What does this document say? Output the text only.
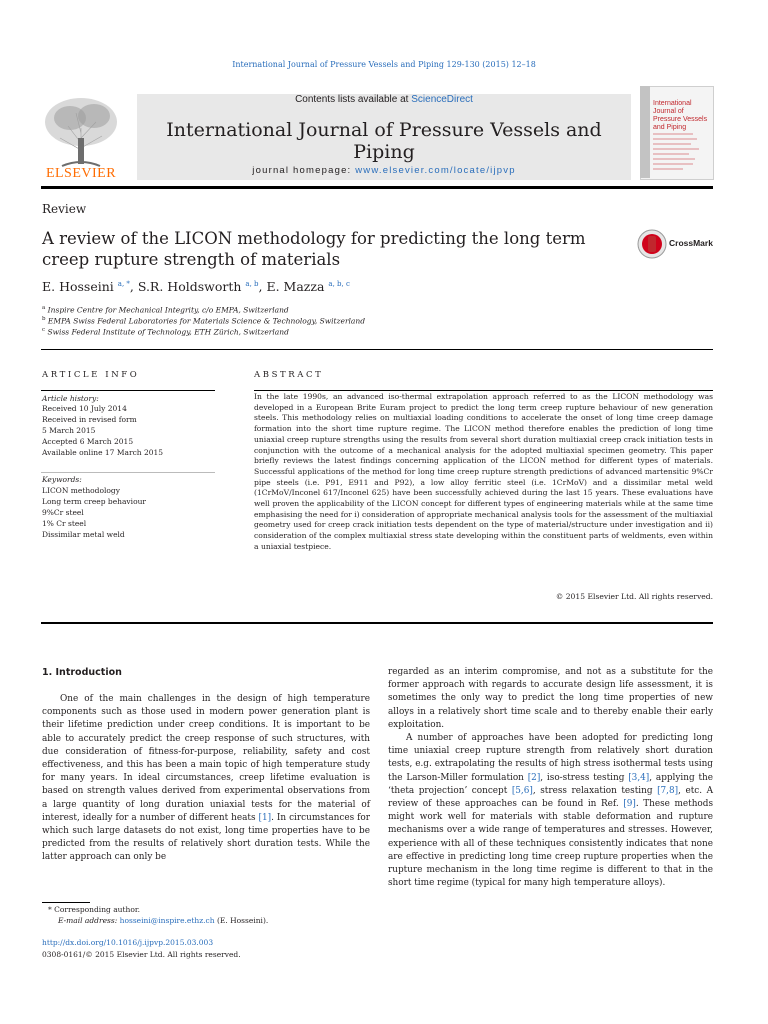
International Journal of Pressure Vessels and Piping 129-130 (2015) 12–18
ELSEVIER
Contents lists available at ScienceDirect
International Journal of Pressure Vessels and Piping
journal homepage: www.elsevier.com/locate/ijpvp
International Journal of Pressure Vessels and Piping
Review
A review of the LICON methodology for predicting the long term creep rupture strength of materials
CrossMark
E. Hosseini $^{a, *}$, S.R. Holdsworth $^{a, b}$, E. Mazza $^{a, b, c}$
$^a$ Inspire Centre for Mechanical Integrity, c/o EMPA, Switzerland
$^b$ EMPA Swiss Federal Laboratories for Materials Science & Technology, Switzerland
$^c$ Swiss Federal Institute of Technology, ETH Zürich, Switzerland
ARTICLE INFO
Article history:
Received 10 July 2014
Received in revised form
5 March 2015
Accepted 6 March 2015
Available online 17 March 2015
Keywords:
LICON methodology
Long term creep behaviour
9%Cr steel
1% Cr steel
Dissimilar metal weld
ABSTRACT
In the late 1990s, an advanced iso-thermal extrapolation approach referred to as the LICON methodology was developed in a European Brite Euram project to predict the long term creep rupture behaviour of new generation steels. This methodology relies on multiaxial loading conditions to accelerate the onset of long time creep damage formation into the short time rupture regime. The LICON method therefore enables the prediction of long time uniaxial creep rupture strengths using the results from several short duration multiaxial creep crack initiation tests in conjunction with the outcome of a mechanical analysis for the adopted multiaxial specimen geometry. This paper briefly reviews the latest findings concerning application of the LICON method for different types of materials. Successful applications of the method for long time creep rupture strength predictions of advanced martensitic 9%Cr pipe steels (i.e. P91, E911 and P92), a low alloy ferritic steel (i.e. 1CrMoV) and a dissimilar metal weld (1CrMoV/Inconel 617/Inconel 625) have been successfully achieved during the last 15 years. These evaluations have well proven the applicability of the LICON concept for different types of engineering materials while at the same time emphasising the need for i) consideration of appropriate mechanical analysis tools for the assessment of the multiaxial geometry used for creep crack initiation tests dependent on the type of material/structure under investigation and ii) consideration of the complex multiaxial stress state developing within the constituent parts of weldments, even within a uniaxial testpiece.
© 2015 Elsevier Ltd. All rights reserved.
1. Introduction

One of the main challenges in the design of high temperature components such as those used in modern power generation plant is their lifetime prediction under creep conditions. It is important to be able to accurately predict the creep response of such structures, with due consideration of fitness-for-purpose, reliability, safety and cost effectiveness, and this has been a main topic of high temperature study for many years. In ideal circumstances, creep lifetime evaluation is based on strength values derived from experimental observations from a large quantity of long duration uniaxial tests for the material of interest, ideally for a number of different heats [1]. In circumstances for which such large datasets do not exist, long time properties have to be predicted from the results of relatively short duration tests. While the latter approach can only be

regarded as an interim compromise, and not as a substitute for the former approach with regards to accurate design life assessment, it is sometimes the only way to predict the long time properties of new alloys in a relatively short time scale and to thereby enable their early exploitation.

A number of approaches have been adopted for predicting long time uniaxial creep rupture strength from relatively short duration tests, e.g. extrapolating the results of high stress isothermal tests using the Larson-Miller formulation [2], iso-stress testing [3,4], applying the ‘theta projection’ concept [5,6], stress relaxation testing [7,8], etc. A review of these approaches can be found in Ref. [9]. These methods might work well for materials with stable deformation and rupture mechanisms over a wide range of temperatures and stresses. However, experience with all of these techniques consistently indicates that none are effective in predicting long time creep rupture properties when the rupture mechanism in the long time regime is different to that in the short time regime (typical for many high temperature alloys).

* Corresponding author.
E-mail address: hosseini@inspire.ethz.ch (E. Hosseini).
http://dx.doi.org/10.1016/j.ijpvp.2015.03.003
0308-0161/© 2015 Elsevier Ltd. All rights reserved.
